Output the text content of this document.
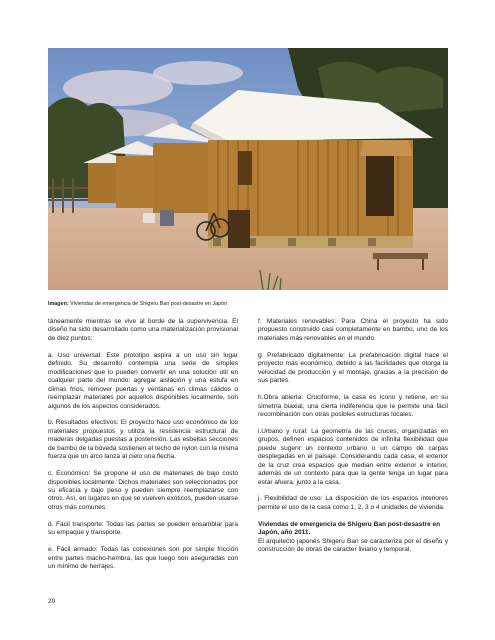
Imagen: Viviendas de emergencia de Shigeru Ban post-desastre en Japón

táneamente mientras se vive al borde de la supervivencia. El diseño ha sido desarrollado como una materialización provisional de diez puntos:

a. Uso universal: Este prototipo aspira a un uso sin lugar definido. Su desarrollo contempla una serie de simples modificaciones que lo pueden convertir en una solución útil en cualquier parte del mundo: agregar aislación y una estufa en climas fríos, remover puertas y ventanas en climas cálidos o reemplazar materiales por aquellos disponibles localmente, son algunos de los aspectos considerados.

b. Resultados efectivos: El proyecto hace uso económico de los materiales propuestos y utiliza la resistencia estructural de maderas delgadas puestas a postensión. Las esbeltas secciones de bambú de la bóveda sostienen el techo de nylon con la misma fuerza que un arco lanza al cielo una flecha.

c. Económico: Se propone el uso de materiales de bajo costo disponibles localmente. Dichos materiales son seleccionados por su eficacia y bajo peso y pueden siempre reemplazarse con otros. Así, en lugares en que se vuelven exóticos, pueden usarse otros más comunes.

d. Fácil transporte: Todas las partes se pueden ensamblar para su empaque y transporte.

e. Fácil armado: Todas las conexiones son por simple fricción entre partes macho-hembra, las que luego son aseguradas con un mínimo de herrajes.

f. Materiales renovables: Para China el proyecto ha sido propuesto construido casi completamente en bambú, uno de los materiales más renovables en el mundo.

g. Prefabricado digitalmente: La prefabricación digital hace el proyecto más económico, debido a las facilidades que otorga la velocidad de producción y el montaje, gracias a la precisión de sus partes.

h.Obra abierta: Cruciforme, la casa es ícono y retiene, en su simetría biaxial, una cierta indiferencia que le permite una fácil recombinación con otras posibles estructuras locales.

i.Urbano y rural: La geometría de las cruces, organizadas en grupos, definen espacios contenidos de infinita flexibilidad que puede sugerir un contexto urbano o un campo de carpas desplegadas en el paisaje. Considerando cada casa, el exterior de la cruz crea espacios que median entre exterior e interior, además de un contexto para que la gente tenga un lugar para estar afuera, junto a la casa.

j. Flexibilidad de uso: La disposición de los espacios interiores permite el uso de la casa como 1, 2, 3 o 4 unidades de vivienda.

Viviendas de emergencia de Shigeru Ban post-desastre en Japón, año 2011.

El arquitecto japonés Shigeru Ban se caracteriza por el diseño y construcción de obras de caracter liviano y temporal,

20
